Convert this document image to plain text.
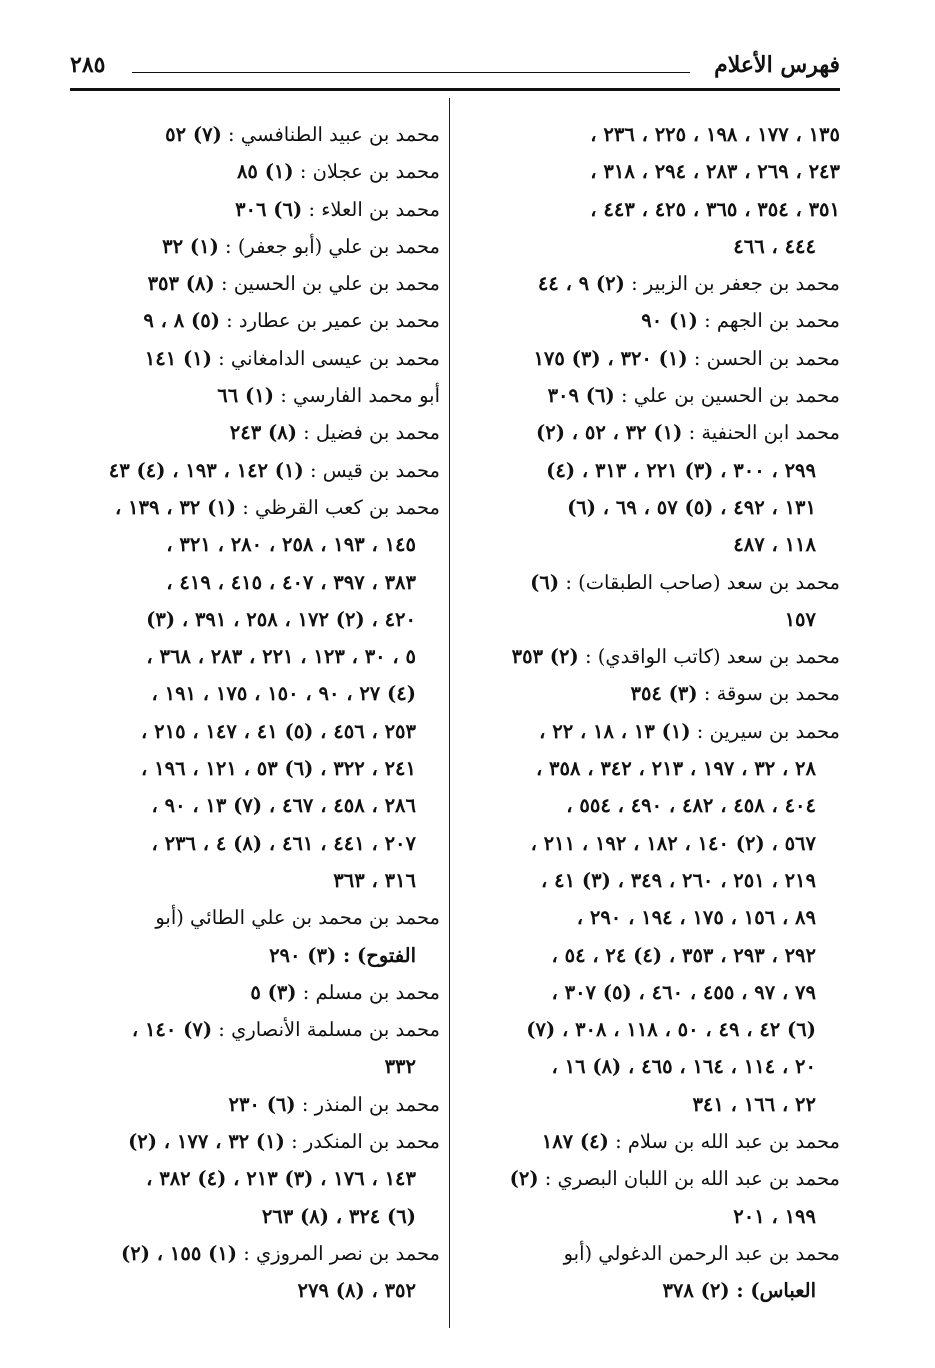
فهرس الأعلام
٢٨٥
١٣٥ ، ١٧٧ ، ١٩٨ ، ٢٢٥ ، ٢٣٦ ،
٢٤٣ ، ٢٦٩ ، ٢٨٣ ، ٢٩٤ ، ٣١٨ ،
٣٥١ ، ٣٥٤ ، ٣٦٥ ، ٤٢٥ ، ٤٤٣ ،
٤٤٤ ، ٤٦٦
محمد بن جعفر بن الزبير : (٢) ٩ ، ٤٤
محمد بن الجهم : (١) ٩٠
محمد بن الحسن : (١) ٣٢٠ ، (٣) ١٧٥
محمد بن الحسين بن علي : (٦) ٣٠٩
محمد ابن الحنفية : (١) ٣٢ ، ٥٢ ، (٢)
٢٩٩ ، ٣٠٠ ، (٣) ٢٢١ ، ٣١٣ ، (٤)
١٣١ ، ٤٩٢ ، (٥) ٥٧ ، ٦٩ ، (٦)
١١٨ ، ٤٨٧
محمد بن سعد (صاحب الطبقات) : (٦)
١٥٧
محمد بن سعد (كاتب الواقدي) : (٢) ٣٥٣
محمد بن سوقة : (٣) ٣٥٤
محمد بن سيرين : (١) ١٣ ، ١٨ ، ٢٢ ،
٢٨ ، ٣٢ ، ١٩٧ ، ٢١٣ ، ٣٤٢ ، ٣٥٨ ،
٤٠٤ ، ٤٥٨ ، ٤٨٢ ، ٤٩٠ ، ٥٥٤ ،
٥٦٧ ، (٢) ١٤٠ ، ١٨٢ ، ١٩٢ ، ٢١١ ،
٢١٩ ، ٢٥١ ، ٢٦٠ ، ٣٤٩ ، (٣) ٤١ ،
٨٩ ، ١٥٦ ، ١٧٥ ، ١٩٤ ، ٢٩٠ ،
٢٩٢ ، ٢٩٣ ، ٣٥٣ ، (٤) ٢٤ ، ٥٤ ،
٧٩ ، ٩٧ ، ٤٥٥ ، ٤٦٠ ، (٥) ٣٠٧ ،
(٦) ٤٢ ، ٤٩ ، ٥٠ ، ١١٨ ، ٣٠٨ ، (٧)
٢٠ ، ١١٤ ، ١٦٤ ، ٤٦٥ ، (٨) ١٦ ،
٢٢ ، ١٦٦ ، ٣٤١
محمد بن عبد الله بن سلام : (٤) ١٨٧
محمد بن عبد الله بن اللبان البصري : (٢)
١٩٩ ، ٢٠١
محمد بن عبد الرحمن الدغولي (أبو
العباس) : (٢) ٣٧٨
محمد بن عبيد الطنافسي : (٧) ٥٢
محمد بن عجلان : (١) ٨٥
محمد بن العلاء : (٦) ٣٠٦
محمد بن علي (أبو جعفر) : (١) ٣٢
محمد بن علي بن الحسين : (٨) ٣٥٣
محمد بن عمير بن عطارد : (٥) ٨ ، ٩
محمد بن عيسى الدامغاني : (١) ١٤١
أبو محمد الفارسي : (١) ٦٦
محمد بن فضيل : (٨) ٢٤٣
محمد بن قيس : (١) ١٤٢ ، ١٩٣ ، (٤) ٤٣
محمد بن كعب القرظي : (١) ٣٢ ، ١٣٩ ،
١٤٥ ، ١٩٣ ، ٢٥٨ ، ٢٨٠ ، ٣٢١ ،
٣٨٣ ، ٣٩٧ ، ٤٠٧ ، ٤١٥ ، ٤١٩ ،
٤٢٠ ، (٢) ١٧٢ ، ٢٥٨ ، ٣٩١ ، (٣)
٥ ، ٣٠ ، ١٢٣ ، ٢٢١ ، ٢٨٣ ، ٣٦٨ ،
(٤) ٢٧ ، ٩٠ ، ١٥٠ ، ١٧٥ ، ١٩١ ،
٢٥٣ ، ٤٥٦ ، (٥) ٤١ ، ١٤٧ ، ٢١٥ ،
٢٤١ ، ٣٢٢ ، (٦) ٥٣ ، ١٢١ ، ١٩٦ ،
٢٨٦ ، ٤٥٨ ، ٤٦٧ ، (٧) ١٣ ، ٩٠ ،
٢٠٧ ، ٤٤١ ، ٤٦١ ، (٨) ٤ ، ٢٣٦ ،
٣١٦ ، ٣٦٣
محمد بن محمد بن علي الطائي (أبو
الفتوح) : (٣) ٢٩٠
محمد بن مسلم : (٣) ٥
محمد بن مسلمة الأنصاري : (٧) ١٤٠ ،
٣٣٢
محمد بن المنذر : (٦) ٢٣٠
محمد بن المنكدر : (١) ٣٢ ، ١٧٧ ، (٢)
١٤٣ ، ١٧٦ ، (٣) ٢١٣ ، (٤) ٣٨٢ ،
(٦) ٣٢٤ ، (٨) ٢٦٣
محمد بن نصر المروزي : (١) ١٥٥ ، (٢)
٣٥٢ ، (٨) ٢٧٩
